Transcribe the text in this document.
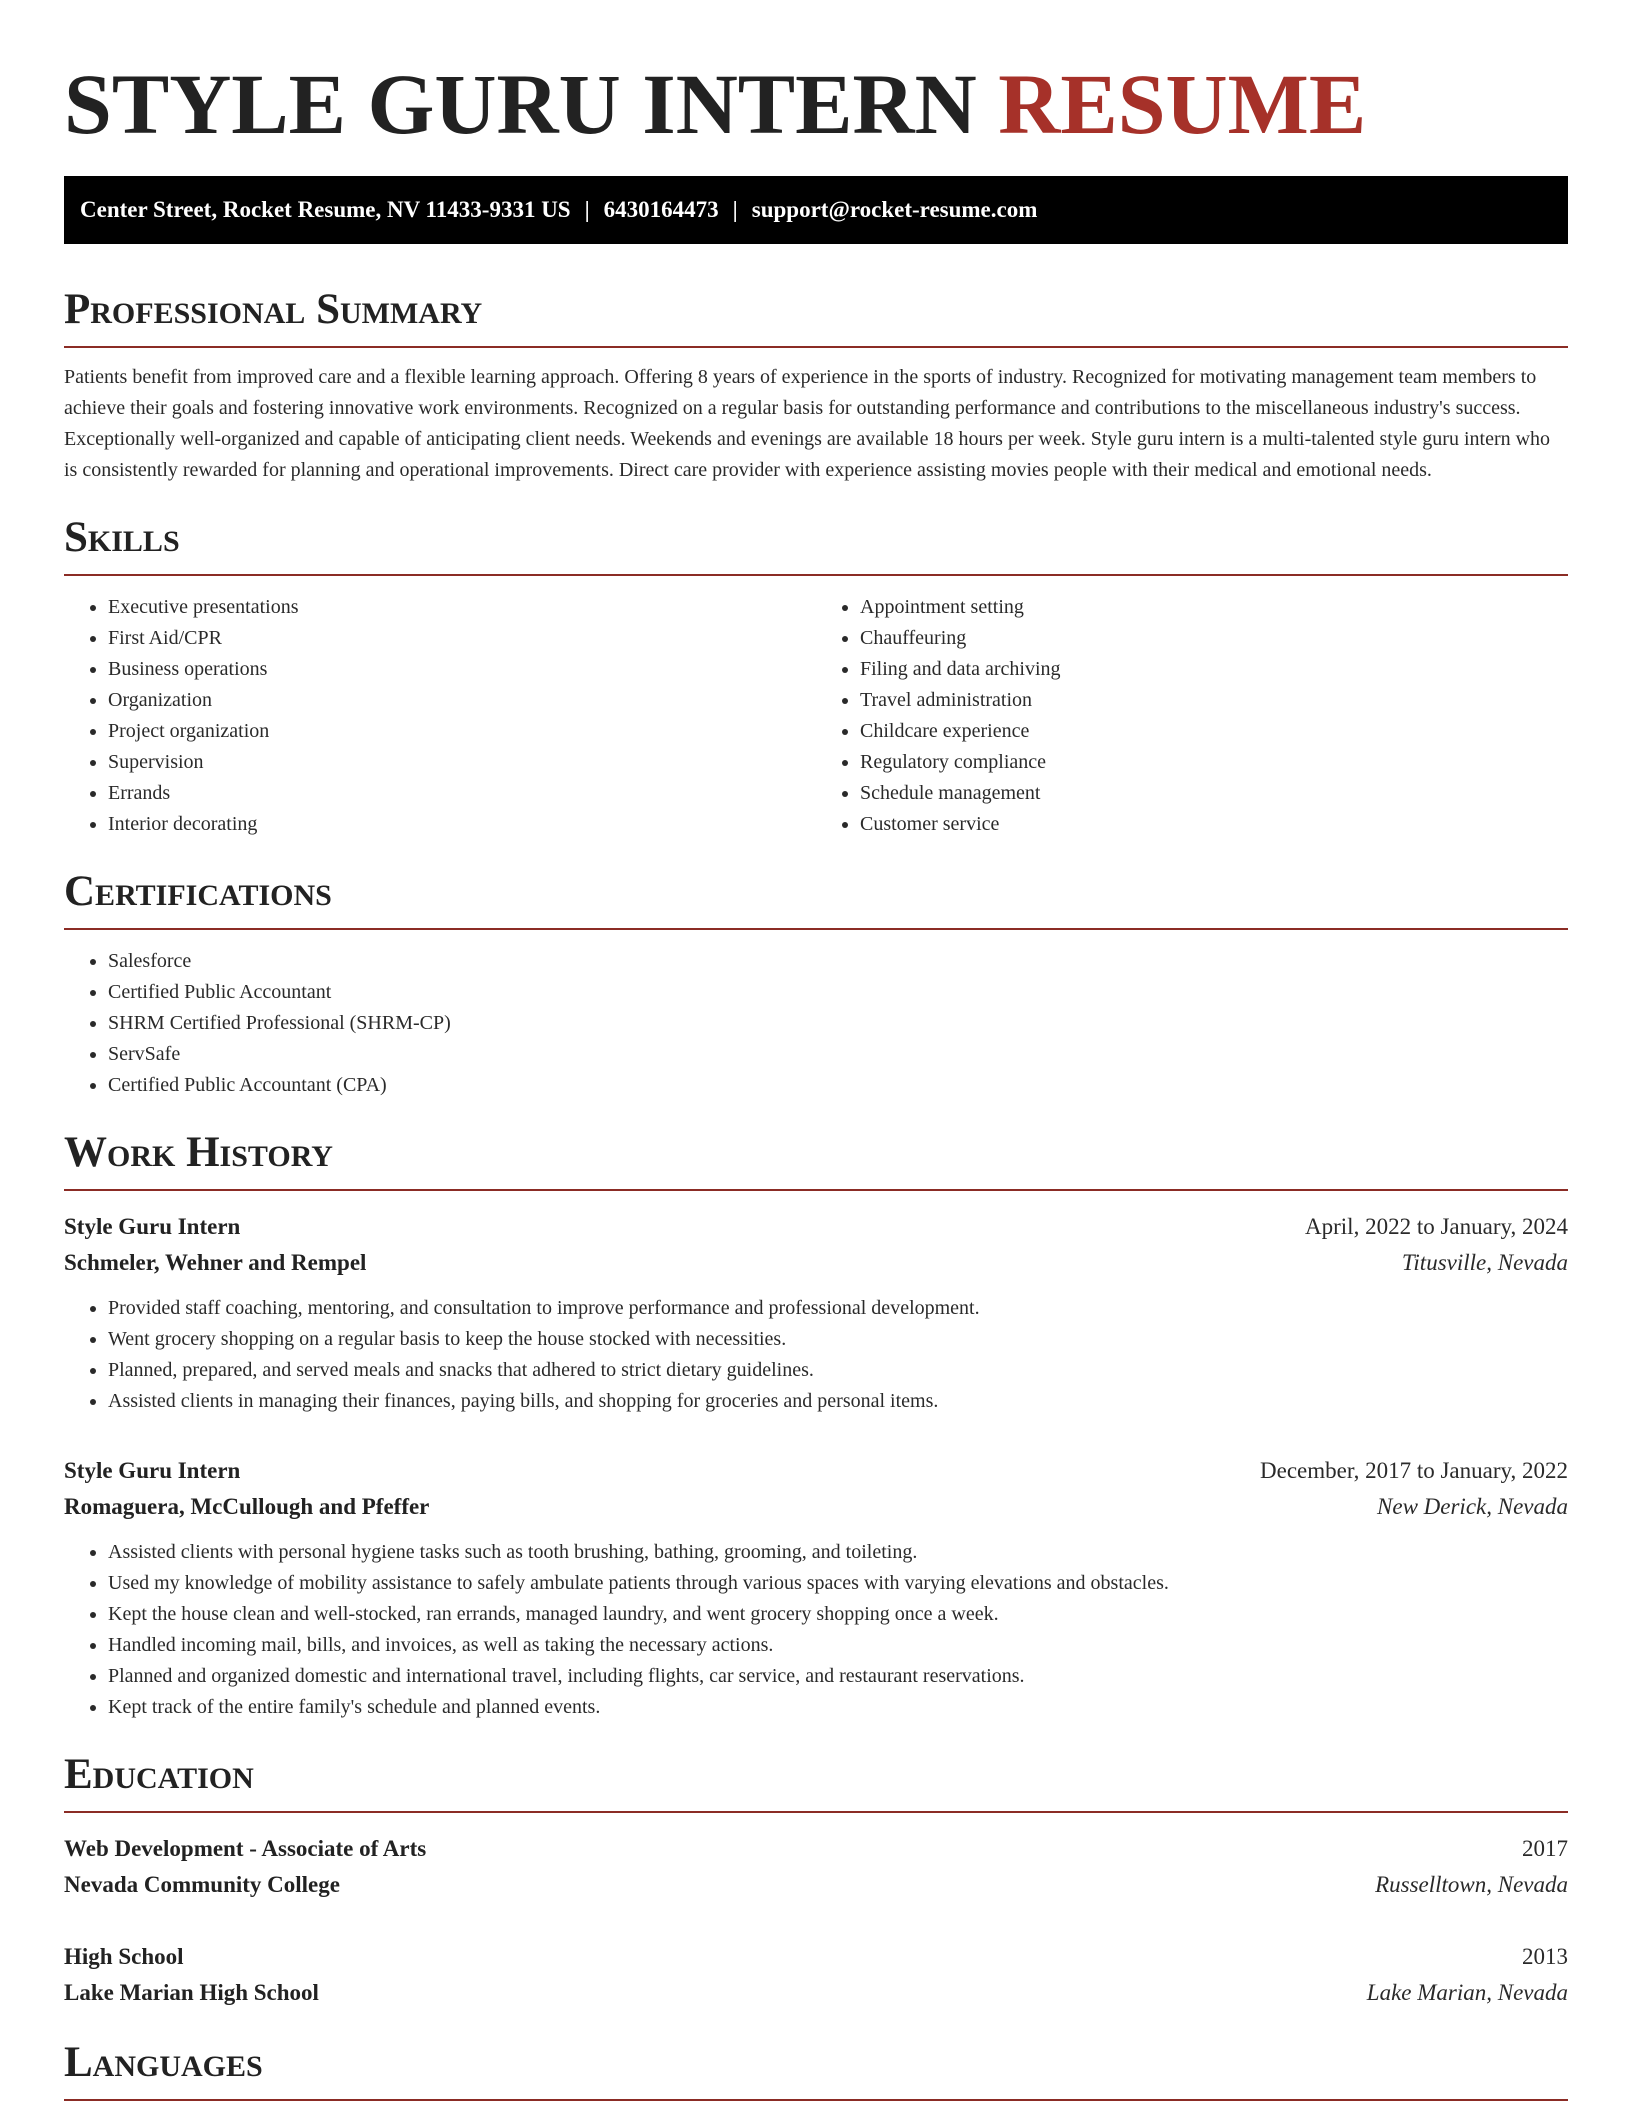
STYLE GURU INTERN RESUME
Center Street, Rocket Resume, NV 11433-9331 US | 6430164473 | support@rocket-resume.com
Professional Summary

Patients benefit from improved care and a flexible learning approach. Offering 8 years of experience in the sports of industry. Recognized for motivating management team members to achieve their goals and fostering innovative work environments. Recognized on a regular basis for outstanding performance and contributions to the miscellaneous industry's success. Exceptionally well-organized and capable of anticipating client needs. Weekends and evenings are available 18 hours per week. Style guru intern is a multi-talented style guru intern who is consistently rewarded for planning and operational improvements. Direct care provider with experience assisting movies people with their medical and emotional needs.

Skills
• Executive presentations
• First Aid/CPR
• Business operations
• Organization
• Project organization
• Supervision
• Errands
• Interior decorating
• Appointment setting
• Chauffeuring
• Filing and data archiving
• Travel administration
• Childcare experience
• Regulatory compliance
• Schedule management
• Customer service
Certifications
• Salesforce
• Certified Public Accountant
• SHRM Certified Professional (SHRM-CP)
• ServSafe
• Certified Public Accountant (CPA)
Work History
Style Guru Intern	April, 2022 to January, 2024
Schmeler, Wehner and Rempel	Titusville, Nevada
• Provided staff coaching, mentoring, and consultation to improve performance and professional development.
• Went grocery shopping on a regular basis to keep the house stocked with necessities.
• Planned, prepared, and served meals and snacks that adhered to strict dietary guidelines.
• Assisted clients in managing their finances, paying bills, and shopping for groceries and personal items.
Style Guru Intern	December, 2017 to January, 2022
Romaguera, McCullough and Pfeffer	New Derick, Nevada
• Assisted clients with personal hygiene tasks such as tooth brushing, bathing, grooming, and toileting.
• Used my knowledge of mobility assistance to safely ambulate patients through various spaces with varying elevations and obstacles.
• Kept the house clean and well-stocked, ran errands, managed laundry, and went grocery shopping once a week.
• Handled incoming mail, bills, and invoices, as well as taking the necessary actions.
• Planned and organized domestic and international travel, including flights, car service, and restaurant reservations.
• Kept track of the entire family's schedule and planned events.
Education
Web Development - Associate of Arts	2017
Nevada Community College	Russelltown, Nevada
High School	2013
Lake Marian High School	Lake Marian, Nevada
Languages
